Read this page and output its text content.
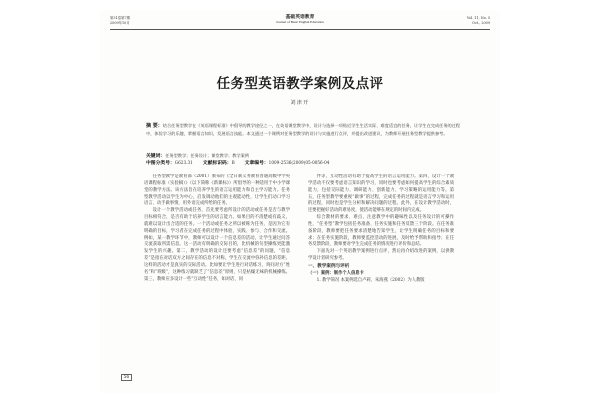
第31卷第7期
2009年10月
基础英语教育
Journal of Basic English Education
Vol. 11, No. 5
Oct., 2009
任务型英语教学案例及点评
刘津开
摘 要：结合任务型教学在《英语课程标准》中倡导的教学途径之一，在英语课堂教学中，设计与选择一项贴近学生生活实际、难度适宜的任务，让学生在完成任务的过程中，体验学习的乐趣，掌握语言知识，发展语言技能。本文通过一个课例对任务型教学的设计与实施进行点评，并提出改进建议，为教师开展任务型教学提供参考。
关键词：任务型教学；任务设计；课堂教学；教学案例
中图分类号：G623.31 文献标识码：B 文章编号：1009-2536(2009)05-0056-04

任务型教学是教育部（2001）颁布的《全日制义务教育普通高级中学英语课程标准（实验稿）》（以下简称《新课标》）所倡导的一种适用于中小学课堂的教学方法。该方法旨在培养学生的语言运用能力和自主学习能力。任务型教学活动以学生为中心，启发调动他们的主观能动性，让学生们动口学习语言、动手做事情，用外语完成所给的任务。

设计一个教学活动或任务，首先要考虑所设计的活动或任务是否与教学目标相符合，是否有助于培养学生的语言能力。如果目的不清楚或有歧义，就难以设计出合适的任务。一个活动或任务之所以被称为任务，是因为它有明确的目标，学习者在完成任务的过程中体验、实践、参与、合作和交流。例如，某一教学环节中，教师可以设计一个信息差的活动，让学生通过问答交流获取所需信息。这一活动有明确的交际目的，比机械的句型操练更能激发学生的兴趣。第二，教学活动的设计还要考虑“信息差”的问题，“信息差”是指在对话双方之间存在的信息不对称，学生在交流中弥补信息的差距，这样的活动才是真实的交际活动。比如要让学生进行对话练习，询问对方“姓名”和“班级”，这种练习就缺乏了“信息差”原则，只是枯燥无味的机械操练。第三，教师应多设计一些“互动性”任务，如对话、同

伴等，互动性活动有助于提高学生的语言运用能力。第四，设计一个教学活动不仅要考虑语言知识的学习，同时也要考虑如何提高学生的综合素质能力，包括交际能力、调研能力、创新能力、学习策略的运用能力等。第五，任务型教学要重视“做事”的过程，完成任务的过程就是语言学习和运用的过程，同时也是学生分析和解决问题的过程。此外，在设计教学活动时，还要把握好活动的难易度，使活动能够在规定的时间内完成。

综合教材的要求、难点，注意教学中的趣味性以及任务设计的可操作性，“任务型”教学包括任务准备、任务实施和任务反馈三个阶段。在任务准备阶段，教师要把任务要求清楚地告知学生，让学生明确任务的目标和要求；在任务实施阶段，教师要监控活动的进展，及时给予帮助和指导；在任务反馈阶段，教师要对学生完成任务的情况进行评价和总结。

下面先对一个英语教学案例进行点评，然后再介绍改进的案例，以供教学设计者研究参考。

一、教学案例与评析
（一）案例：制作个人信息卡

1. 教学简况 本案例选自卢莉、朱海燕（2002）为人教版

56
